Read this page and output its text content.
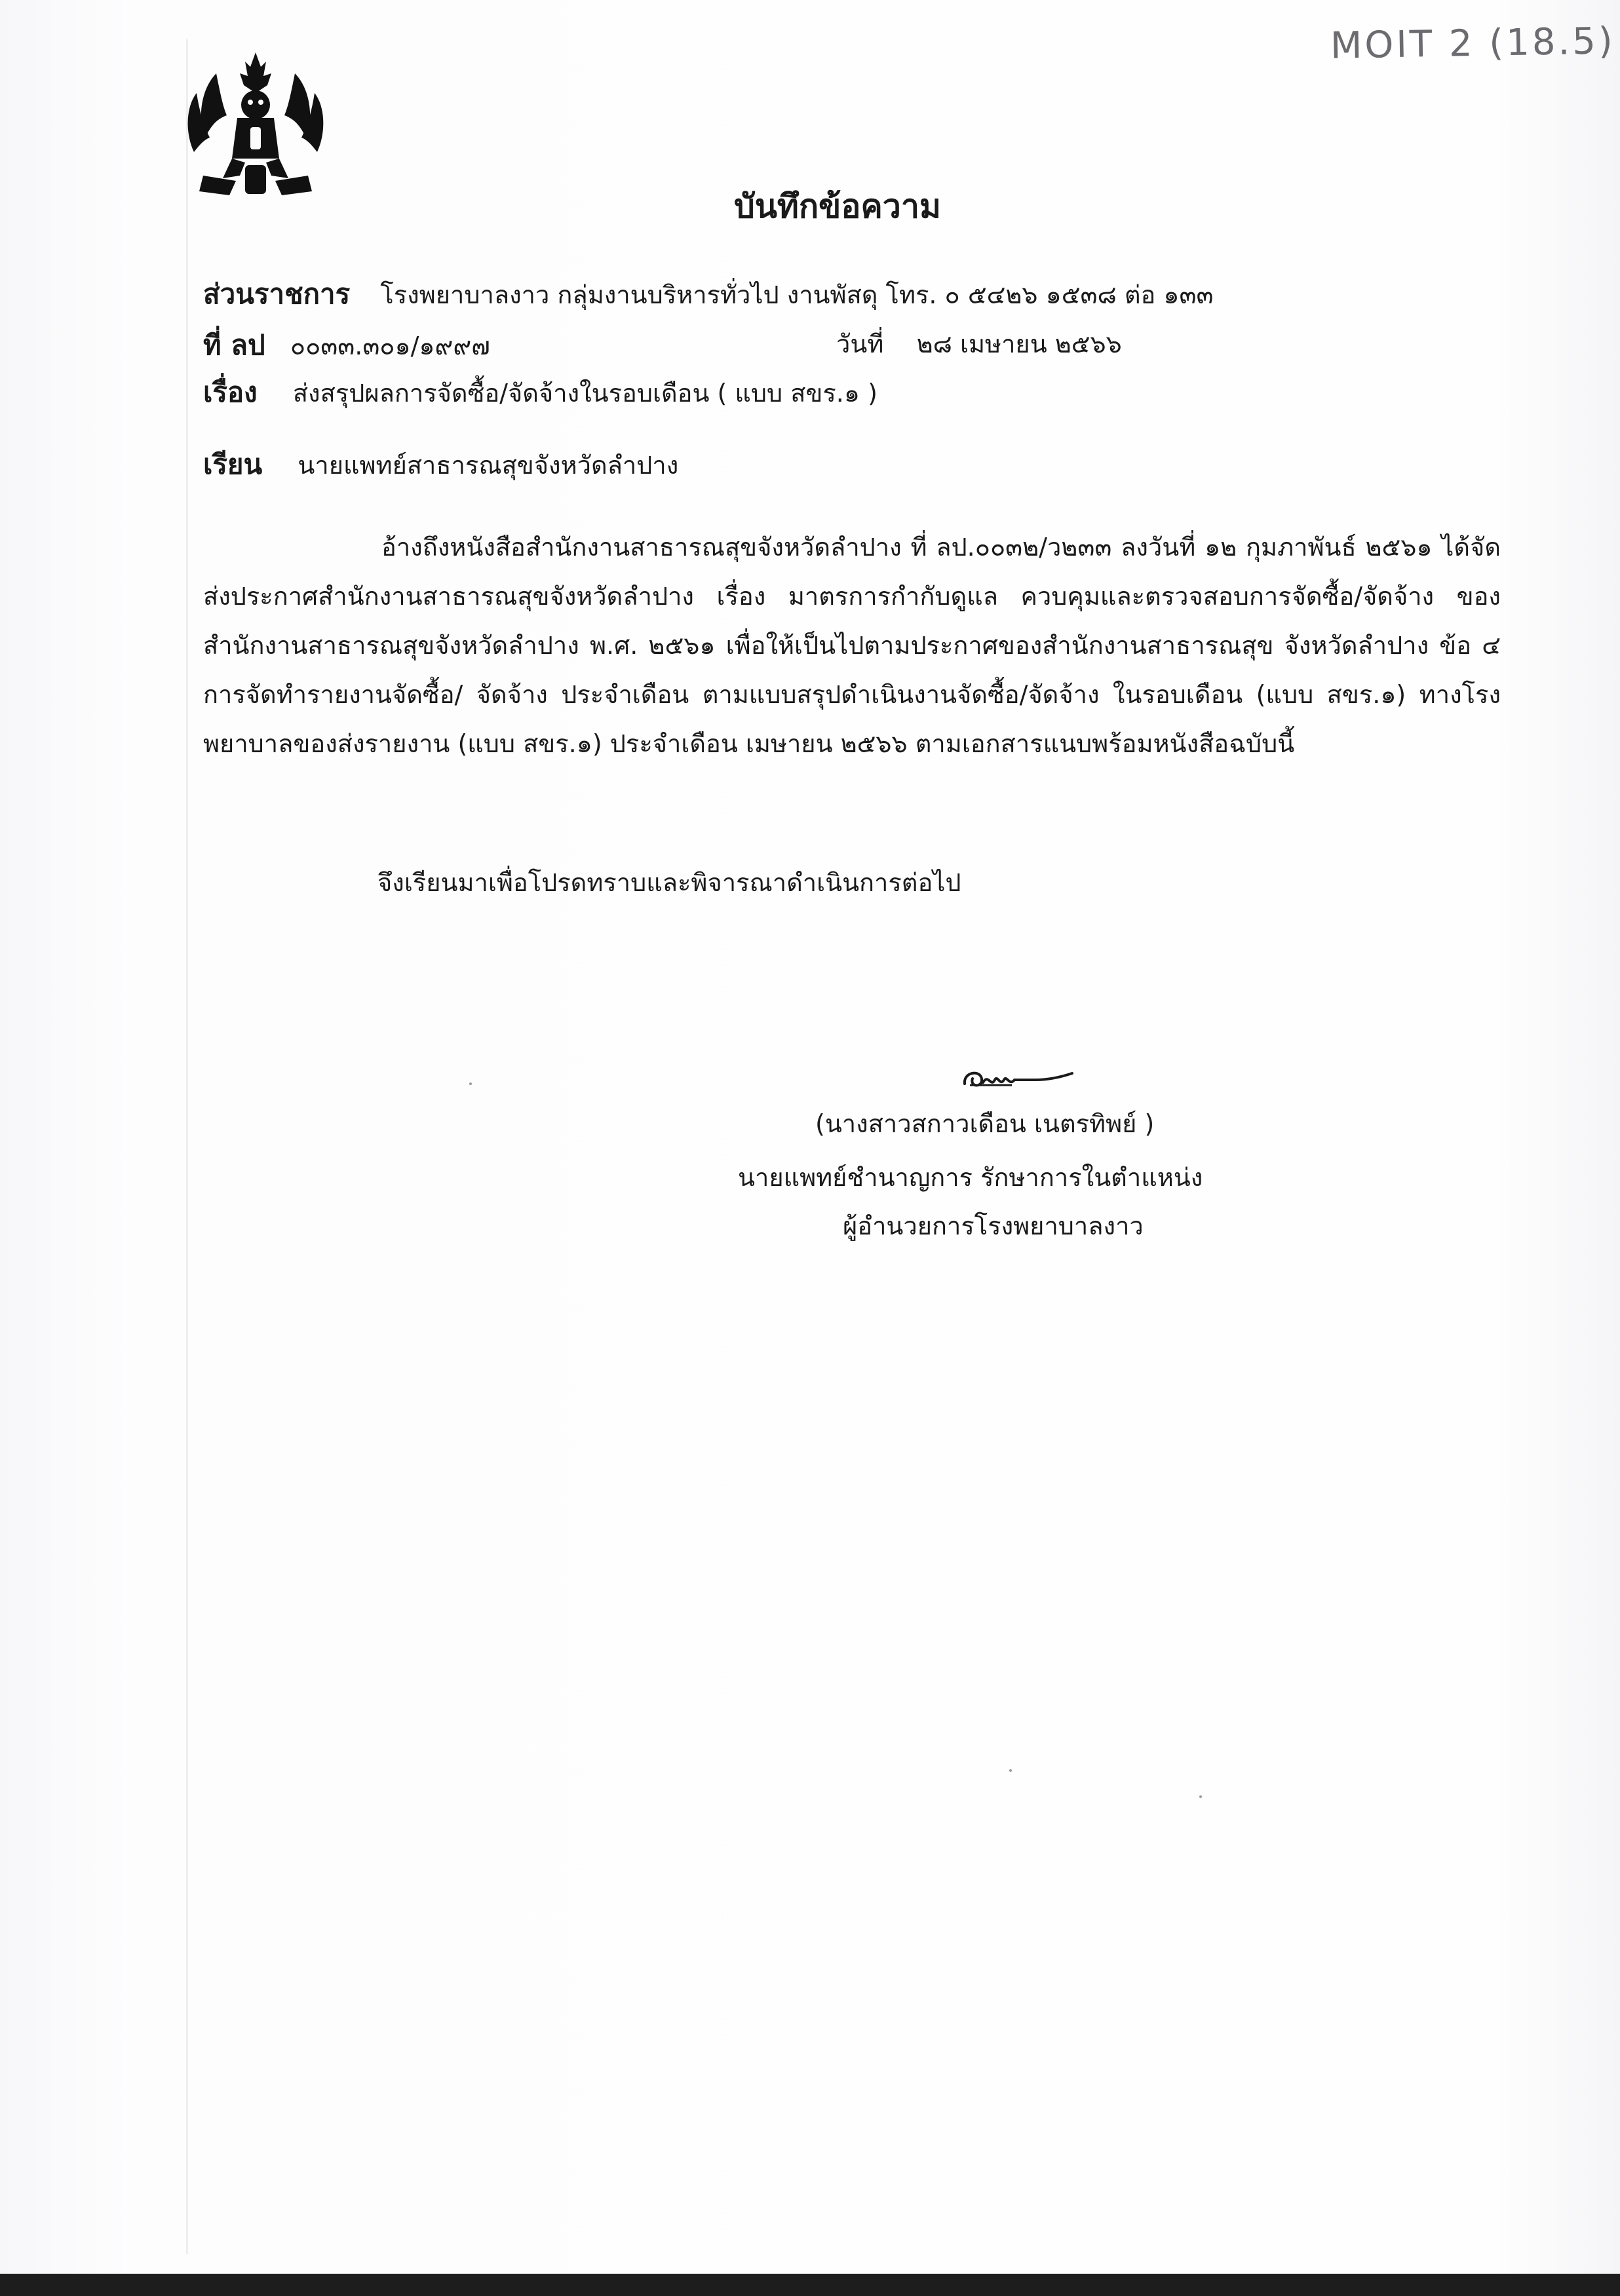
MOIT 2 (18.5)
บันทึกข้อความ
ส่วนราชการ โรงพยาบาลงาว กลุ่มงานบริหารทั่วไป งานพัสดุ โทร. ๐ ๕๔๒๖ ๑๕๓๘ ต่อ ๑๓๓
ที่ ลป ๐๐๓๓.๓๐๑/๑๙๙๗	วันที่ ๒๘ เมษายน ๒๕๖๖
เรื่อง ส่งสรุปผลการจัดซื้อ/จัดจ้างในรอบเดือน ( แบบ สขร.๑ )
เรียน นายแพทย์สาธารณสุขจังหวัดลำปาง
อ้างถึงหนังสือสำนักงานสาธารณสุขจังหวัดลำปาง ที่ ลป.๐๐๓๒/ว๒๓๓ ลงวันที่ ๑๒ กุมภาพันธ์ ๒๕๖๑ ได้จัดส่งประกาศสำนักงานสาธารณสุขจังหวัดลำปาง เรื่อง มาตรการกำกับดูแล ควบคุมและตรวจสอบการจัดซื้อ/จัดจ้าง ของสำนักงานสาธารณสุขจังหวัดลำปาง พ.ศ. ๒๕๖๑ เพื่อให้เป็นไปตามประกาศของสำนักงานสาธารณสุข จังหวัดลำปาง ข้อ ๔ การจัดทำรายงานจัดซื้อ/ จัดจ้าง ประจำเดือน ตามแบบสรุปดำเนินงานจัดซื้อ/จัดจ้าง ในรอบเดือน (แบบ สขร.๑) ทางโรงพยาบาลของส่งรายงาน (แบบ สขร.๑) ประจำเดือน เมษายน ๒๕๖๖ ตามเอกสารแนบพร้อมหนังสือฉบับนี้
จึงเรียนมาเพื่อโปรดทราบและพิจารณาดำเนินการต่อไป
(นางสาวสกาวเดือน เนตรทิพย์ )
นายแพทย์ชำนาญการ รักษาการในตำแหน่ง
ผู้อำนวยการโรงพยาบาลงาว
